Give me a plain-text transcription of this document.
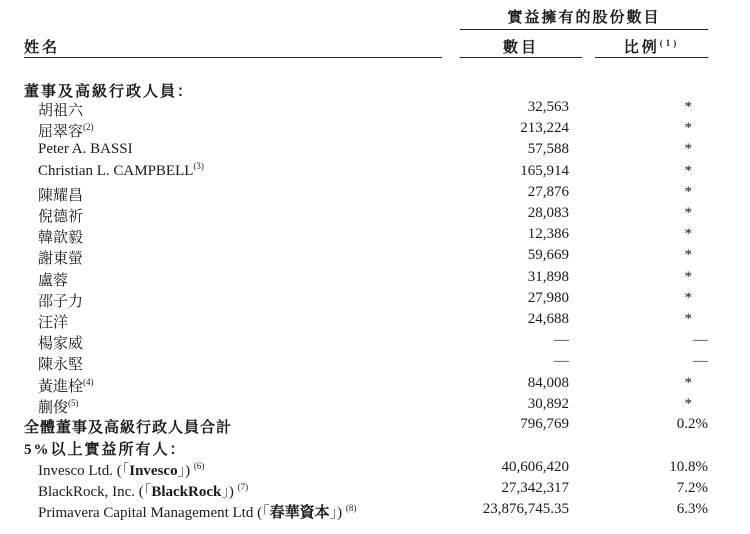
實益擁有的股份數目
姓名	數目	比例$^{(1)}$
董事及高級行政人員：
胡祖六	32,563	*
屈翠容$^{(2)}$	213,224	*
Peter A. BASSI	57,588	*
Christian L. CAMPBELL$^{(3)}$	165,914	*
陳耀昌	27,876	*
倪德祈	28,083	*
韓歆毅	12,386	*
謝東螢	59,669	*
盧蓉	31,898	*
邵子力	27,980	*
汪洋	24,688	*
楊家威	—	—
陳永堅	—	—
黃進栓$^{(4)}$	84,008	*
蒯俊$^{(5)}$	30,892	*
全體董事及高級行政人員合計	796,769	0.2%
5%以上實益所有人：
Invesco Ltd. (「Invesco」) $^{(6)}$	40,606,420	10.8%
BlackRock, Inc. (「BlackRock」) $^{(7)}$	27,342,317	7.2%
Primavera Capital Management Ltd (「春華資本」) $^{(8)}$	23,876,745.35	6.3%
